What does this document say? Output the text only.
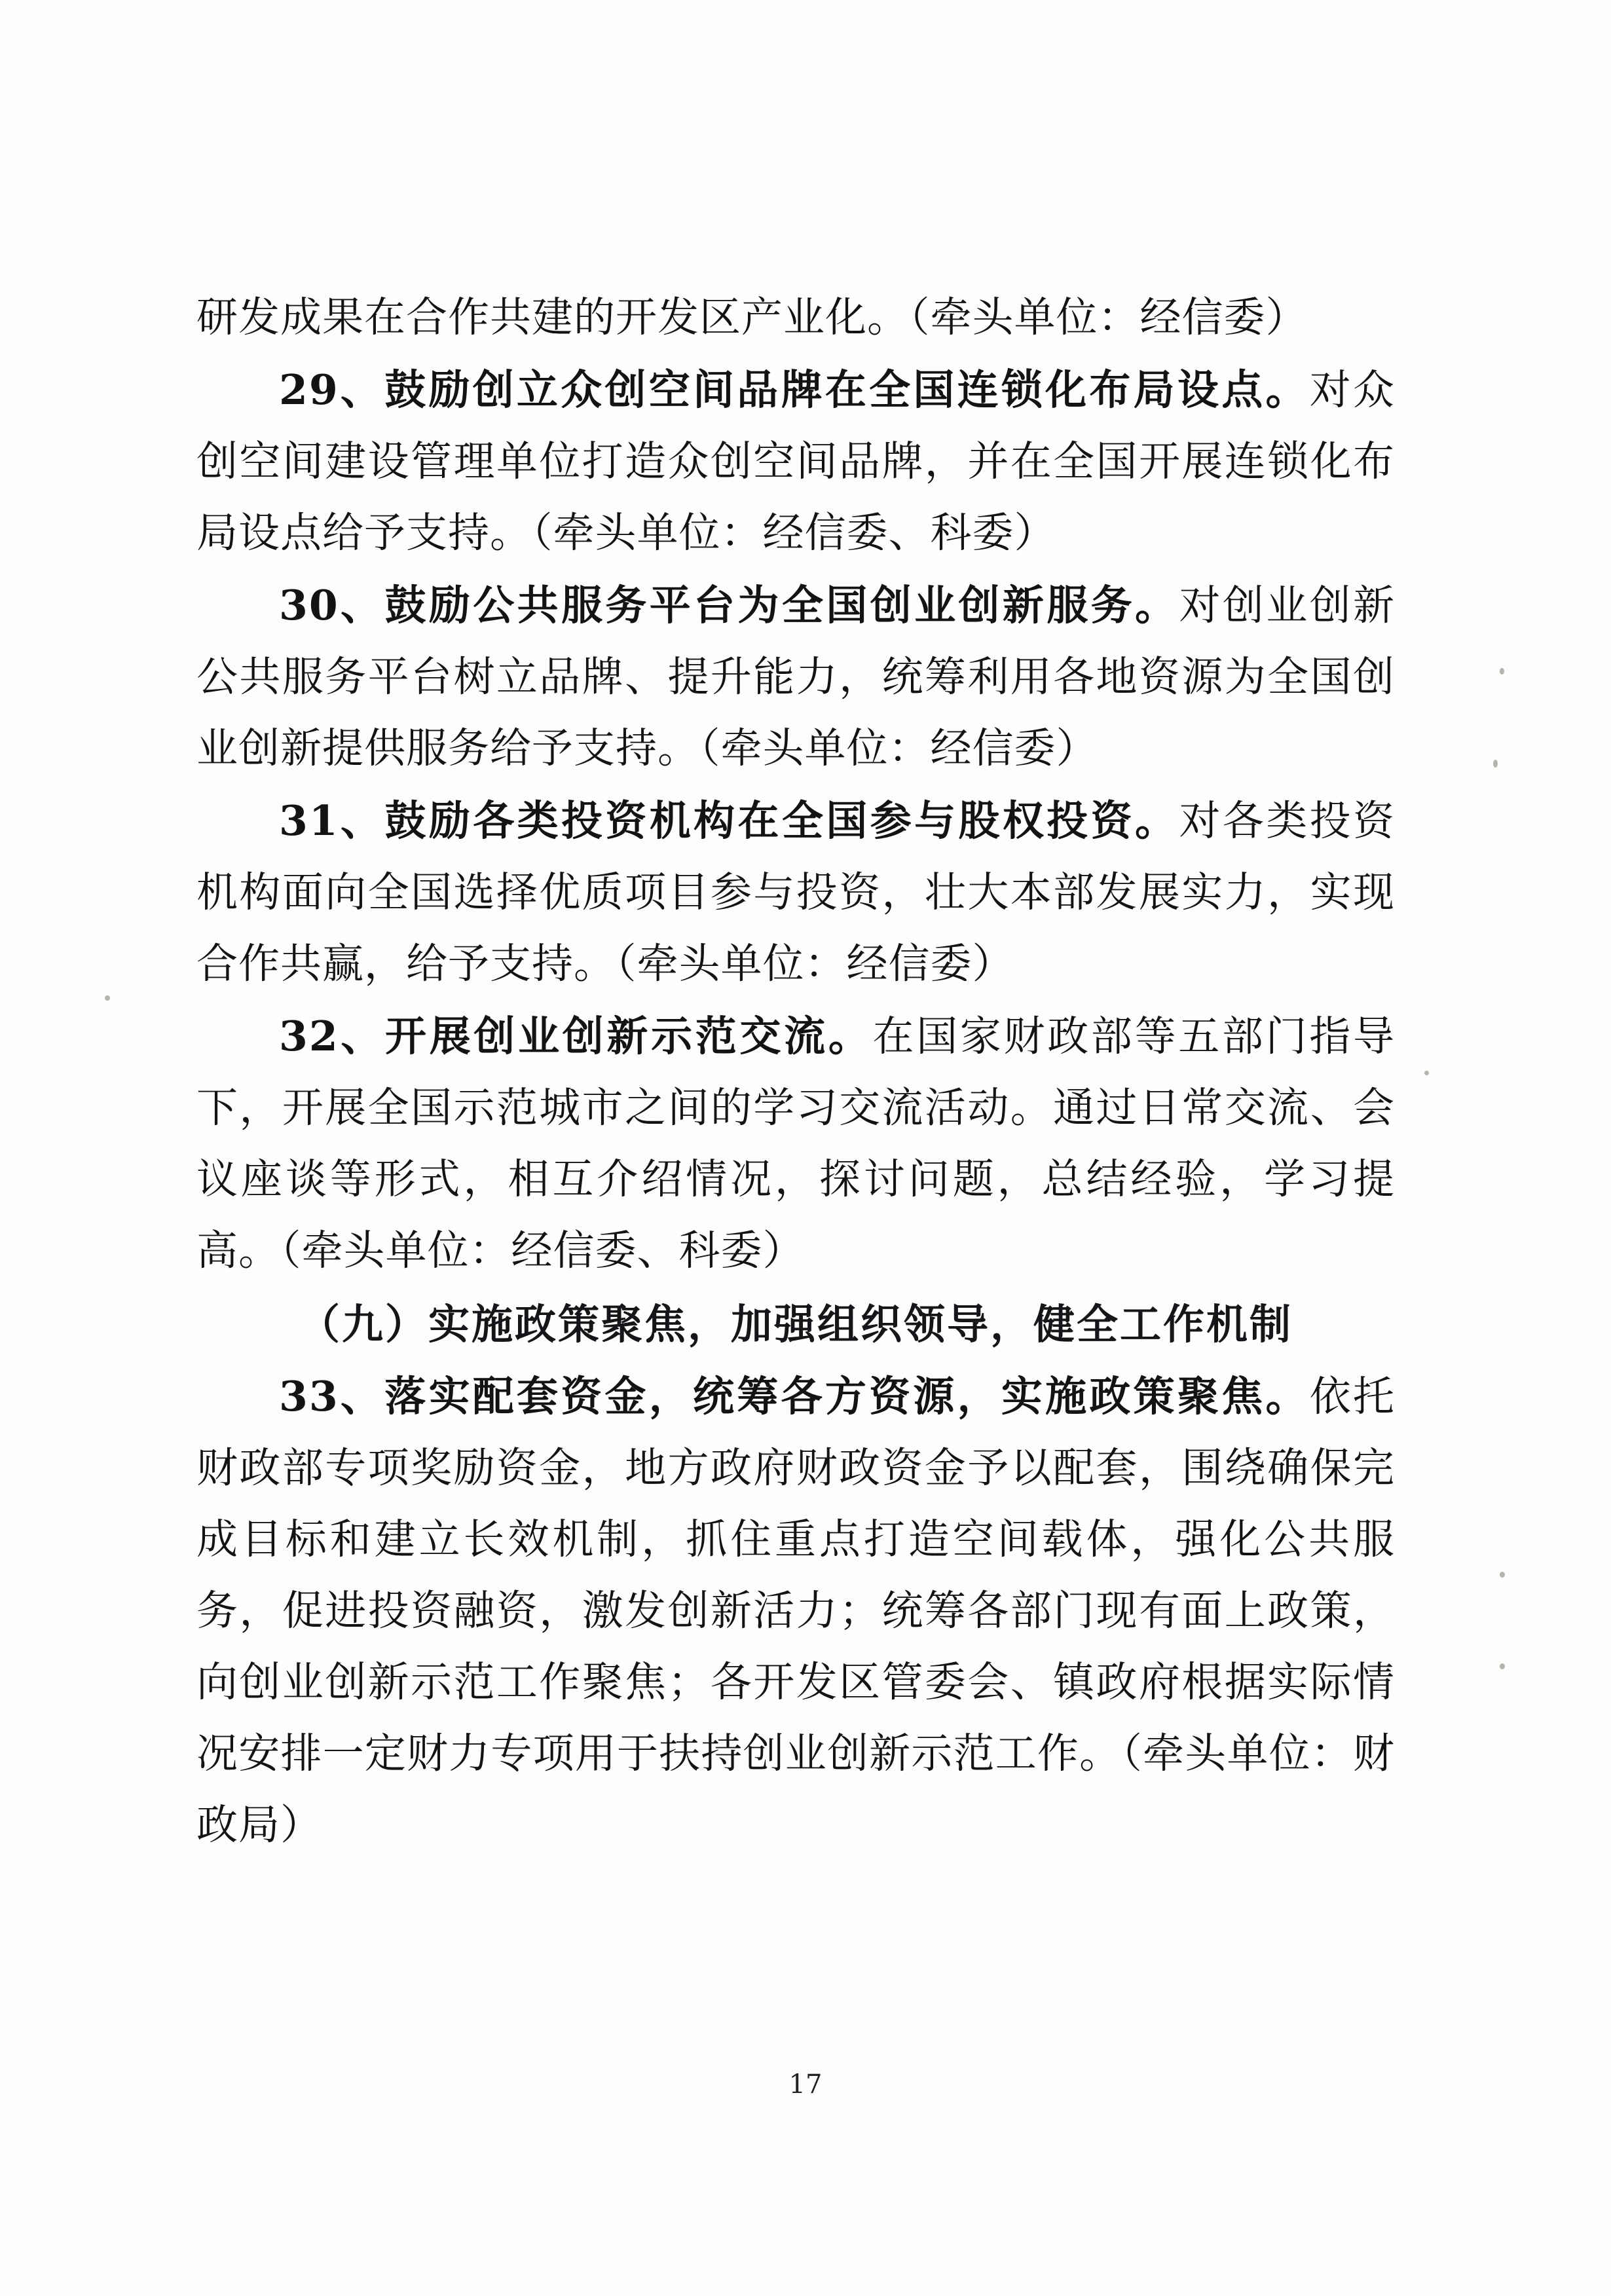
研发成果在合作共建的开发区产业化。（牵头单位：经信委）

29、鼓励创立众创空间品牌在全国连锁化布局设点。对众创空间建设管理单位打造众创空间品牌，并在全国开展连锁化布局设点给予支持。（牵头单位：经信委、科委）

30、鼓励公共服务平台为全国创业创新服务。对创业创新公共服务平台树立品牌、提升能力，统筹利用各地资源为全国创业创新提供服务给予支持。（牵头单位：经信委）

31、鼓励各类投资机构在全国参与股权投资。对各类投资机构面向全国选择优质项目参与投资，壮大本部发展实力，实现合作共赢，给予支持。（牵头单位：经信委）

32、开展创业创新示范交流。在国家财政部等五部门指导下，开展全国示范城市之间的学习交流活动。通过日常交流、会议座谈等形式，相互介绍情况，探讨问题，总结经验，学习提高。（牵头单位：经信委、科委）

（九）实施政策聚焦，加强组织领导，健全工作机制

33、落实配套资金，统筹各方资源，实施政策聚焦。依托财政部专项奖励资金，地方政府财政资金予以配套，围绕确保完成目标和建立长效机制，抓住重点打造空间载体，强化公共服务，促进投资融资，激发创新活力；统筹各部门现有面上政策，向创业创新示范工作聚焦；各开发区管委会、镇政府根据实际情况安排一定财力专项用于扶持创业创新示范工作。（牵头单位：财政局）

17
